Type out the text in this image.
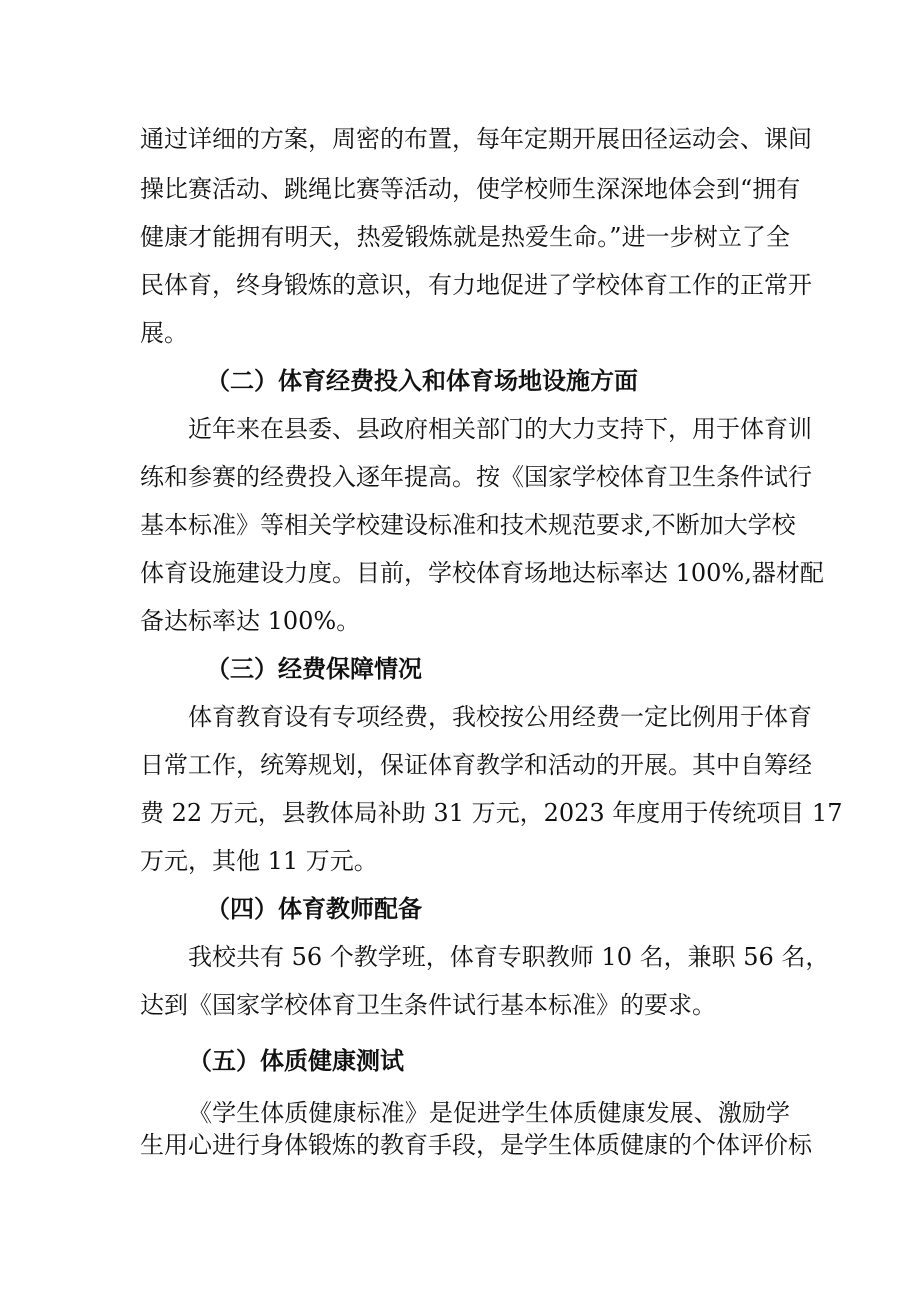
通过详细的方案，周密的布置，每年定期开展田径运动会、课间
操比赛活动、跳绳比赛等活动，使学校师生深深地体会到“拥有
健康才能拥有明天，热爱锻炼就是热爱生命。”进一步树立了全
民体育，终身锻炼的意识，有力地促进了学校体育工作的正常开
展。
（二）体育经费投入和体育场地设施方面
近年来在县委、县政府相关部门的大力支持下，用于体育训
练和参赛的经费投入逐年提高。按《国家学校体育卫生条件试行
基本标准》等相关学校建设标准和技术规范要求,不断加大学校
体育设施建设力度。目前，学校体育场地达标率达 100%,器材配
备达标率达 100%。
（三）经费保障情况
体育教育设有专项经费，我校按公用经费一定比例用于体育
日常工作，统筹规划，保证体育教学和活动的开展。其中自筹经
费 22 万元，县教体局补助 31 万元，2023 年度用于传统项目 17
万元，其他 11 万元。
（四）体育教师配备
我校共有 56 个教学班，体育专职教师 10 名，兼职 56 名，
达到《国家学校体育卫生条件试行基本标准》的要求。
（五）体质健康测试
《学生体质健康标准》是促进学生体质健康发展、激励学
生用心进行身体锻炼的教育手段，是学生体质健康的个体评价标
